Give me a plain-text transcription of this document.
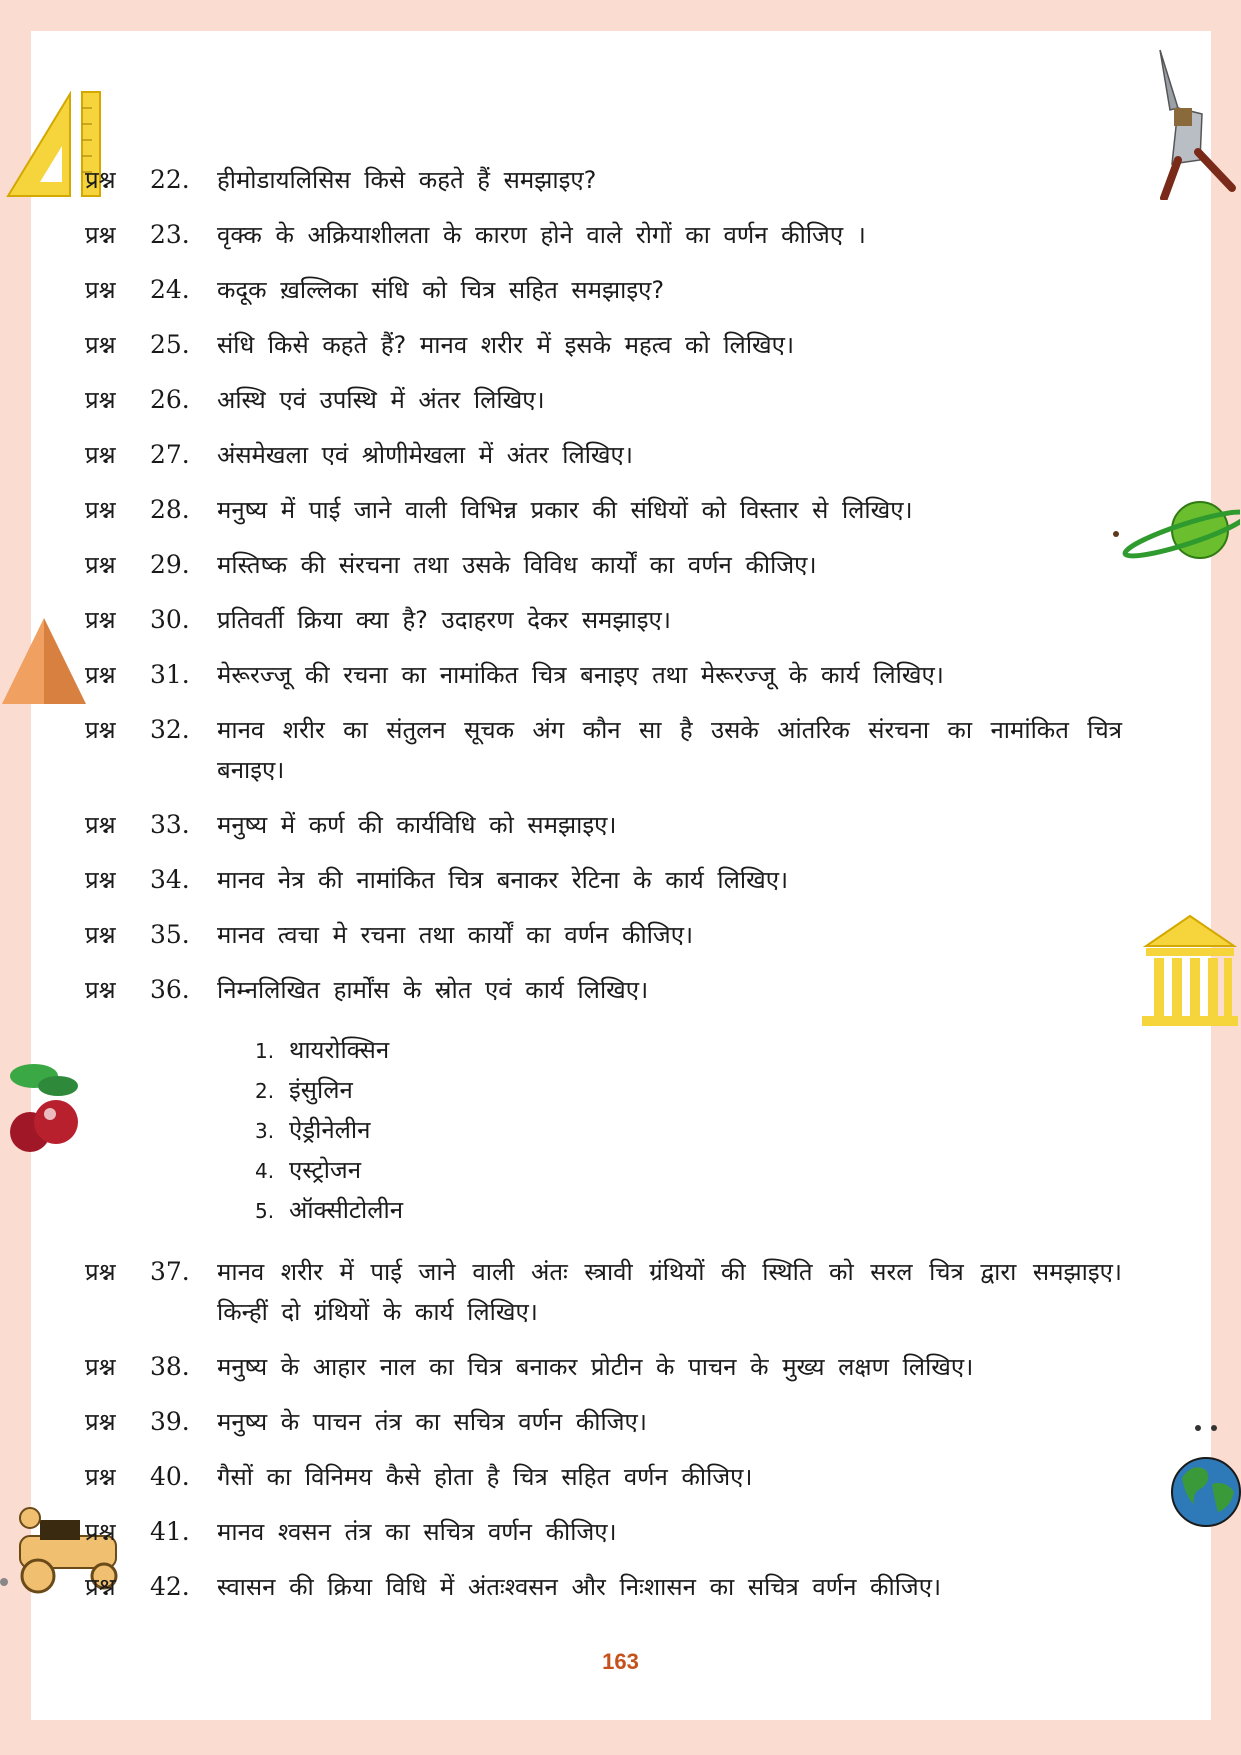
प्रश्न 22. हीमोडायलिसिस किसे कहते हैं समझाइए?
प्रश्न 23. वृक्क के अक्रियाशीलता के कारण होने वाले रोगों का वर्णन कीजिए ।
प्रश्न 24. कदूक ख़ल्लिका संधि को चित्र सहित समझाइए?
प्रश्न 25. संधि किसे कहते हैं? मानव शरीर में इसके महत्व को लिखिए।
प्रश्न 26. अस्थि एवं उपस्थि में अंतर लिखिए।
प्रश्न 27. अंसमेखला एवं श्रोणीमेखला में अंतर लिखिए।
प्रश्न 28. मनुष्य में पाई जाने वाली विभिन्न प्रकार की संधियों को विस्तार से लिखिए।
प्रश्न 29. मस्तिष्क की संरचना तथा उसके विविध कार्यों का वर्णन कीजिए।
प्रश्न 30. प्रतिवर्ती क्रिया क्या है? उदाहरण देकर समझाइए।
प्रश्न 31. मेरूरज्जू की रचना का नामांकित चित्र बनाइए तथा मेरूरज्जू के कार्य लिखिए।
प्रश्न 32. मानव शरीर का संतुलन सूचक अंग कौन सा है उसके आंतरिक संरचना का नामांकित चित्र बनाइए।
प्रश्न 33. मनुष्य में कर्ण की कार्यविधि को समझाइए।
प्रश्न 34. मानव नेत्र की नामांकित चित्र बनाकर रेटिना के कार्य लिखिए।
प्रश्न 35. मानव त्वचा मे रचना तथा कार्यों का वर्णन कीजिए।
प्रश्न 36. निम्नलिखित हार्मोंस के स्रोत एवं कार्य लिखिए।
1. थायरोक्सिन
2. इंसुलिन
3. ऐड्रीनेलीन
4. एस्ट्रोजन
5. ऑक्सीटोलीन
प्रश्न 37. मानव शरीर में पाई जाने वाली अंतः स्त्रावी ग्रंथियों की स्थिति को सरल चित्र द्वारा समझाइए। किन्हीं दो ग्रंथियों के कार्य लिखिए।
प्रश्न 38. मनुष्य के आहार नाल का चित्र बनाकर प्रोटीन के पाचन के मुख्य लक्षण लिखिए।
प्रश्न 39. मनुष्य के पाचन तंत्र का सचित्र वर्णन कीजिए।
प्रश्न 40. गैसों का विनिमय कैसे होता है चित्र सहित वर्णन कीजिए।
प्रश्न 41. मानव श्वसन तंत्र का सचित्र वर्णन कीजिए।
प्रश्न 42. स्वासन की क्रिया विधि में अंतःश्वसन और निःशासन का सचित्र वर्णन कीजिए।
163
